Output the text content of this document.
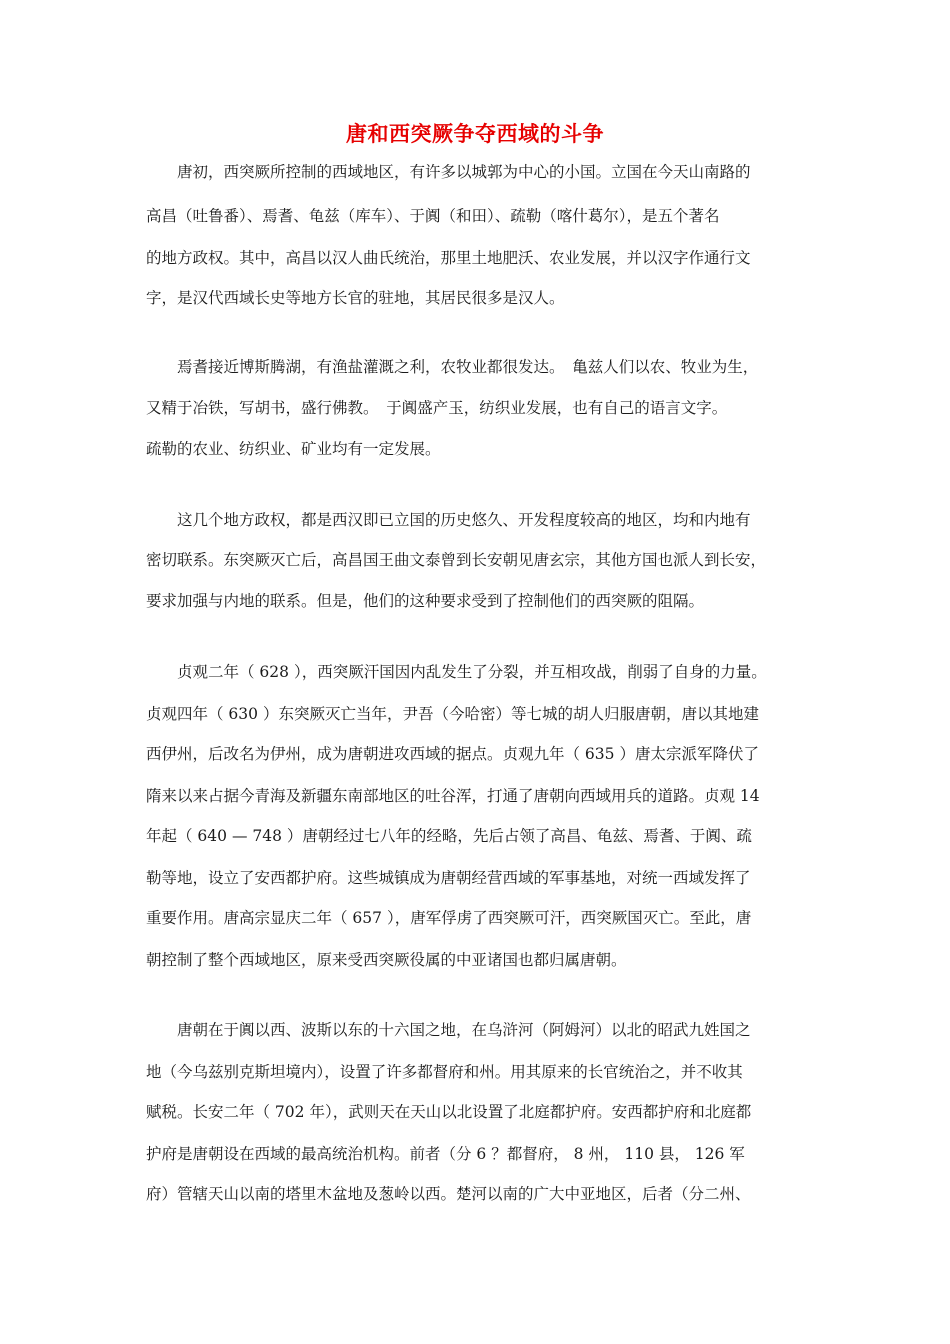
唐和西突厥争夺西域的斗争
　　唐初，西突厥所控制的西域地区，有许多以城郭为中心的小国。立国在今天山南路的
高昌（吐鲁番）、焉耆、龟兹（库车）、于阗（和田）、疏勒（喀什葛尔），是五个著名
的地方政权。其中，高昌以汉人曲氏统治，那里土地肥沃、农业发展，并以汉字作通行文
字，是汉代西域长史等地方长官的驻地，其居民很多是汉人。
　　焉耆接近博斯腾湖，有渔盐灌溉之利，农牧业都很发达。　亀兹人们以农、牧业为生，
又精于冶铁，写胡书，盛行佛教。　于阗盛产玉，纺织业发展，也有自己的语言文字。
疏勒的农业、纺织业、矿业均有一定发展。
　　这几个地方政权，都是西汉即已立国的历史悠久、开发程度较高的地区，均和内地有
密切联系。东突厥灭亡后，高昌国王曲文泰曾到长安朝见唐玄宗，其他方国也派人到长安，
要求加强与内地的联系。但是，他们的这种要求受到了控制他们的西突厥的阻隔。
　　贞观二年（ 628 ），西突厥汗国因内乱发生了分裂，并互相攻战，削弱了自身的力量。
贞观四年（ 630 ）东突厥灭亡当年，尹吾（今哈密）等七城的胡人归服唐朝，唐以其地建
西伊州，后改名为伊州，成为唐朝进攻西域的据点。贞观九年（ 635 ）唐太宗派军降伏了
隋来以来占据今青海及新疆东南部地区的吐谷浑，打通了唐朝向西域用兵的道路。贞观 14
年起（ 640 — 748 ）唐朝经过七八年的经略，先后占领了高昌、龟兹、焉耆、于阗、疏
勒等地，设立了安西都护府。这些城镇成为唐朝经营西域的军事基地，对统一西域发挥了
重要作用。唐高宗显庆二年（ 657 ），唐军俘虏了西突厥可汗，西突厥国灭亡。至此，唐
朝控制了整个西域地区，原来受西突厥役属的中亚诸国也都归属唐朝。
　　唐朝在于阗以西、波斯以东的十六国之地，在乌浒河（阿姆河）以北的昭武九姓国之
地（今乌兹别克斯坦境内），设置了许多都督府和州。用其原来的长官统治之，并不收其
赋税。长安二年（ 702 年），武则天在天山以北设置了北庭都护府。安西都护府和北庭都
护府是唐朝设在西域的最高统治机构。前者（分 6 ？都督府， 8 州， 110 县， 126 军
府）管辖天山以南的塔里木盆地及葱岭以西。楚河以南的广大中亚地区，后者（分二州、
